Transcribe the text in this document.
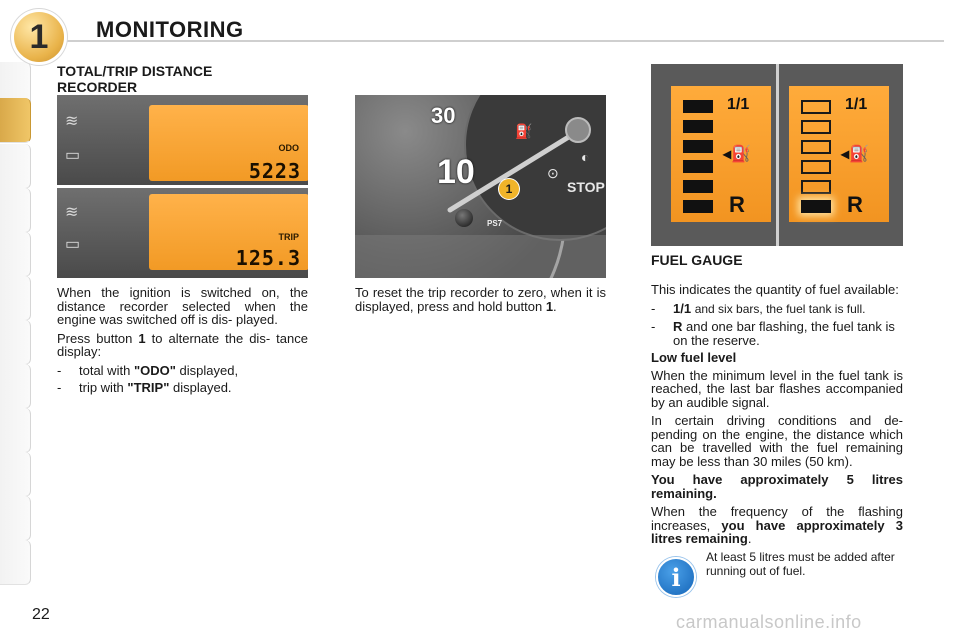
1	MONITORING
TOTAL/TRIP DISTANCE
RECORDER
≋
▭	ODO
5223
≋
▭	TRIP
125.3

When the ignition is switched on, the distance recorder selected when the engine was switched off is dis- played.

Press button 1 to alternate the dis- tance display:

-	total with "ODO" displayed,
-	trip with "TRIP" displayed.
30
10
⛽
⊙
◐
STOP
1
PS7

To reset the trip recorder to zero, when it is displayed, press and hold button 1.

1/1
◂⛽
R
1/1
◂⛽
R
FUEL GAUGE

This indicates the quantity of fuel available:

-	1/1 and six bars, the fuel tank is full.
-	R and one bar flashing, the fuel tank is on the reserve.

Low fuel level

When the minimum level in the fuel tank is reached, the last bar flashes accompanied by an audible signal.

In certain driving conditions and de- pending on the engine, the distance which can be travelled with the fuel remaining may be less than 30 miles (50 km).

You have approximately 5 litres remaining.

When the frequency of the flashing increases, you have approximately 3 litres remaining.

i
At least 5 litres must be added after running out of fuel.
22	carmanualsonline.info
